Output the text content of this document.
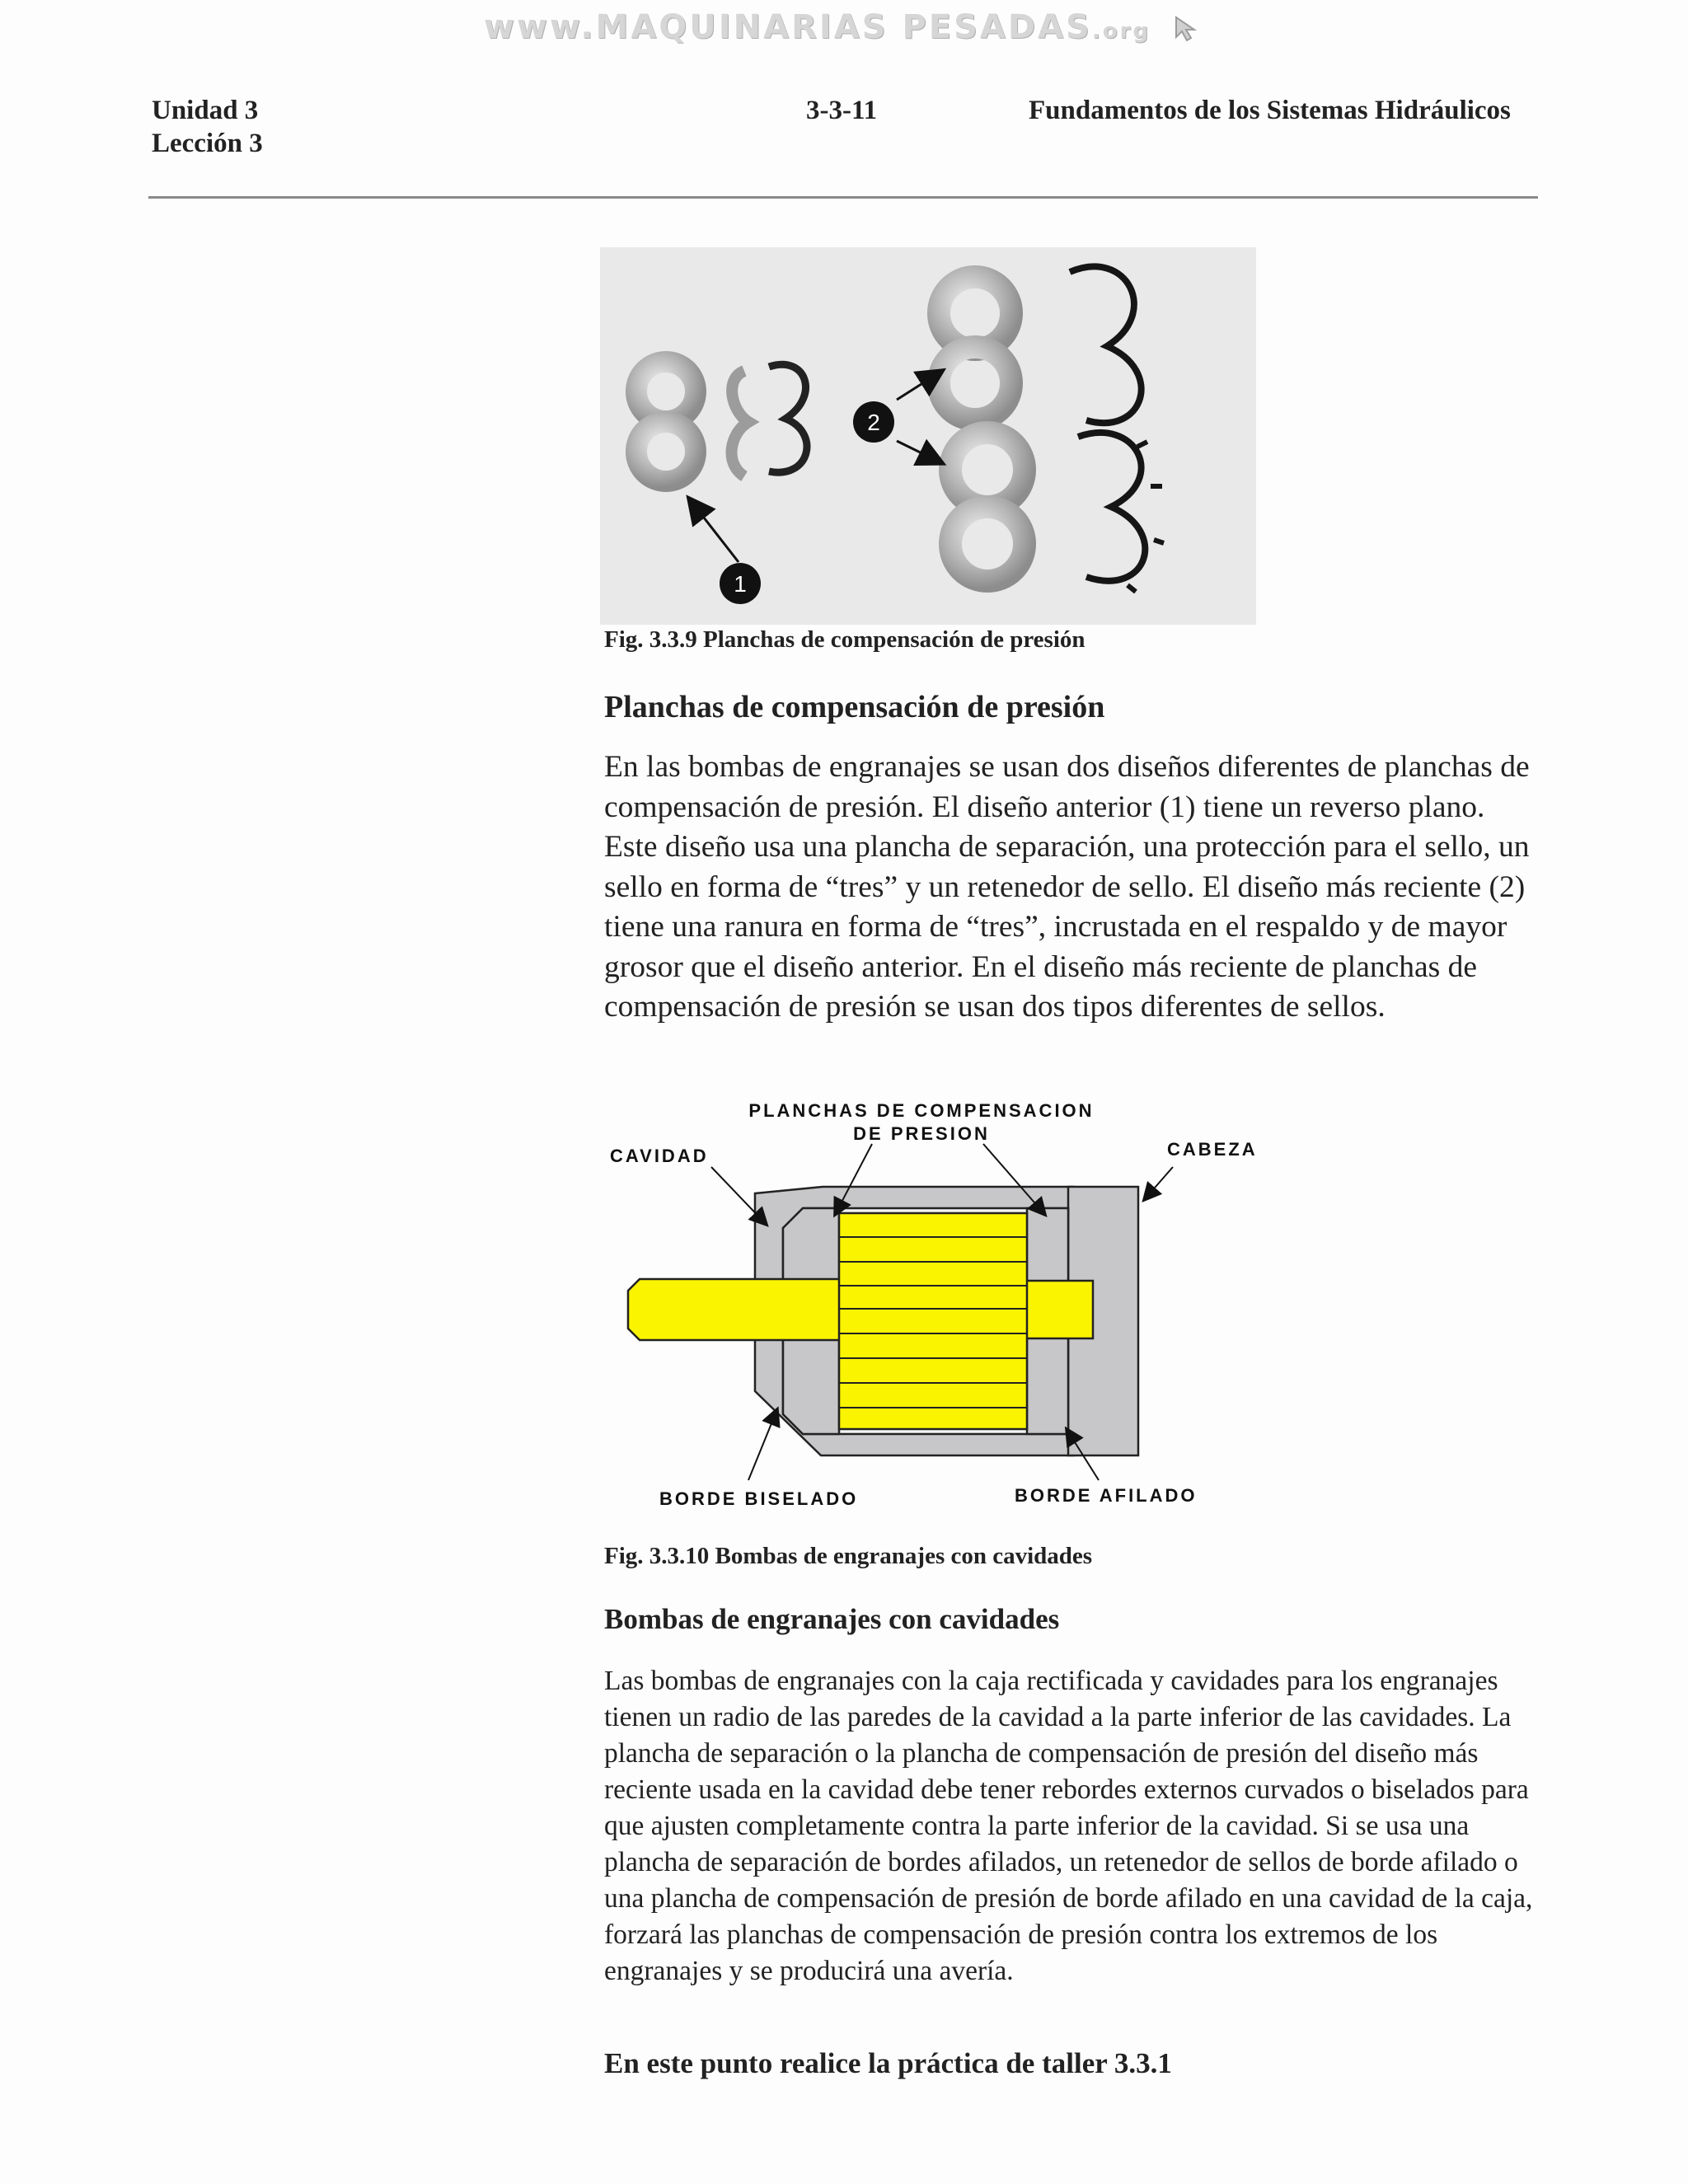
www.MAQUINARIAS PESADAS.org
Unidad 3
Lección 3
3-3-11	Fundamentos de los Sistemas Hidráulicos
1
2
Fig. 3.3.9 Planchas de compensación de presión
Planchas de compensación de presión

En las bombas de engranajes se usan dos diseños diferentes de planchas de compensación de presión. El diseño anterior (1) tiene un reverso plano. Este diseño usa una plancha de separación, una protección para el sello, un sello en forma de “tres” y un retenedor de sello. El diseño más reciente (2) tiene una ranura en forma de “tres”, incrustada en el respaldo y de mayor grosor que el diseño anterior. En el diseño más reciente de planchas de compensación de presión se usan dos tipos diferentes de sellos.

PLANCHAS DE COMPENSACION
DE PRESION
CAVIDAD	CABEZA
BORDE BISELADO	BORDE AFILADO
Fig. 3.3.10 Bombas de engranajes con cavidades
Bombas de engranajes con cavidades

Las bombas de engranajes con la caja rectificada y cavidades para los engranajes tienen un radio de las paredes de la cavidad a la parte inferior de las cavidades. La plancha de separación o la plancha de compensación de presión del diseño más reciente usada en la cavidad debe tener rebordes externos curvados o biselados para que ajusten completamente contra la parte inferior de la cavidad. Si se usa una plancha de separación de bordes afilados, un retenedor de sellos de borde afilado o una plancha de compensación de presión de borde afilado en una cavidad de la caja, forzará las planchas de compensación de presión contra los extremos de los engranajes y se producirá una avería.

En este punto realice la práctica de taller 3.3.1
